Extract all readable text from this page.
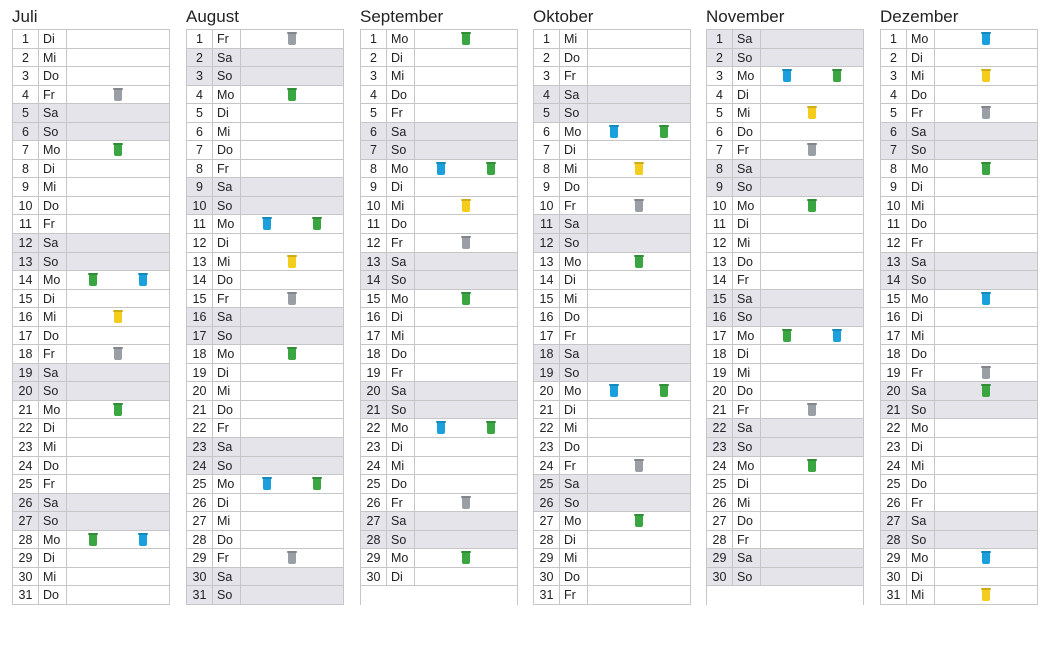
Juli
1	Di
2	Mi
3	Do
4	Fr
5	Sa
6	So
7	Mo
8	Di
9	Mi
10 Do
11 Fr
12 Sa
13 So
14 Mo
15 Di
16 Mi
17 Do
18 Fr
19 Sa
20 So
21 Mo
22 Di
23 Mi
24 Do
25 Fr
26 Sa
27 So
28 Mo
29 Di
30 Mi
31 Do
August
1	Fr
2	Sa
3	So
4	Mo
5	Di
6	Mi
7	Do
8	Fr
9	Sa
10 So
11 Mo
12 Di
13 Mi
14 Do
15 Fr
16 Sa
17 So
18 Mo
19 Di
20 Mi
21 Do
22 Fr
23 Sa
24 So
25 Mo
26 Di
27 Mi
28 Do
29 Fr
30 Sa
31 So
September
1	Mo
2	Di
3	Mi
4	Do
5	Fr
6	Sa
7	So
8	Mo
9	Di
10 Mi
11 Do
12 Fr
13 Sa
14 So
15 Mo
16 Di
17 Mi
18 Do
19 Fr
20 Sa
21 So
22 Mo
23 Di
24 Mi
25 Do
26 Fr
27 Sa
28 So
29 Mo
30 Di
Oktober
1	Mi
2	Do
3	Fr
4	Sa
5	So
6	Mo
7	Di
8	Mi
9	Do
10 Fr
11 Sa
12 So
13 Mo
14 Di
15 Mi
16 Do
17 Fr
18 Sa
19 So
20 Mo
21 Di
22 Mi
23 Do
24 Fr
25 Sa
26 So
27 Mo
28 Di
29 Mi
30 Do
31 Fr
November
1	Sa
2	So
3	Mo
4	Di
5	Mi
6	Do
7	Fr
8	Sa
9	So
10 Mo
11 Di
12 Mi
13 Do
14 Fr
15 Sa
16 So
17 Mo
18 Di
19 Mi
20 Do
21 Fr
22 Sa
23 So
24 Mo
25 Di
26 Mi
27 Do
28 Fr
29 Sa
30 So
Dezember
1	Mo
2	Di
3	Mi
4	Do
5	Fr
6	Sa
7	So
8	Mo
9	Di
10 Mi
11 Do
12 Fr
13 Sa
14 So
15 Mo
16 Di
17 Mi
18 Do
19 Fr
20 Sa
21 So
22 Mo
23 Di
24 Mi
25 Do
26 Fr
27 Sa
28 So
29 Mo
30 Di
31 Mi
